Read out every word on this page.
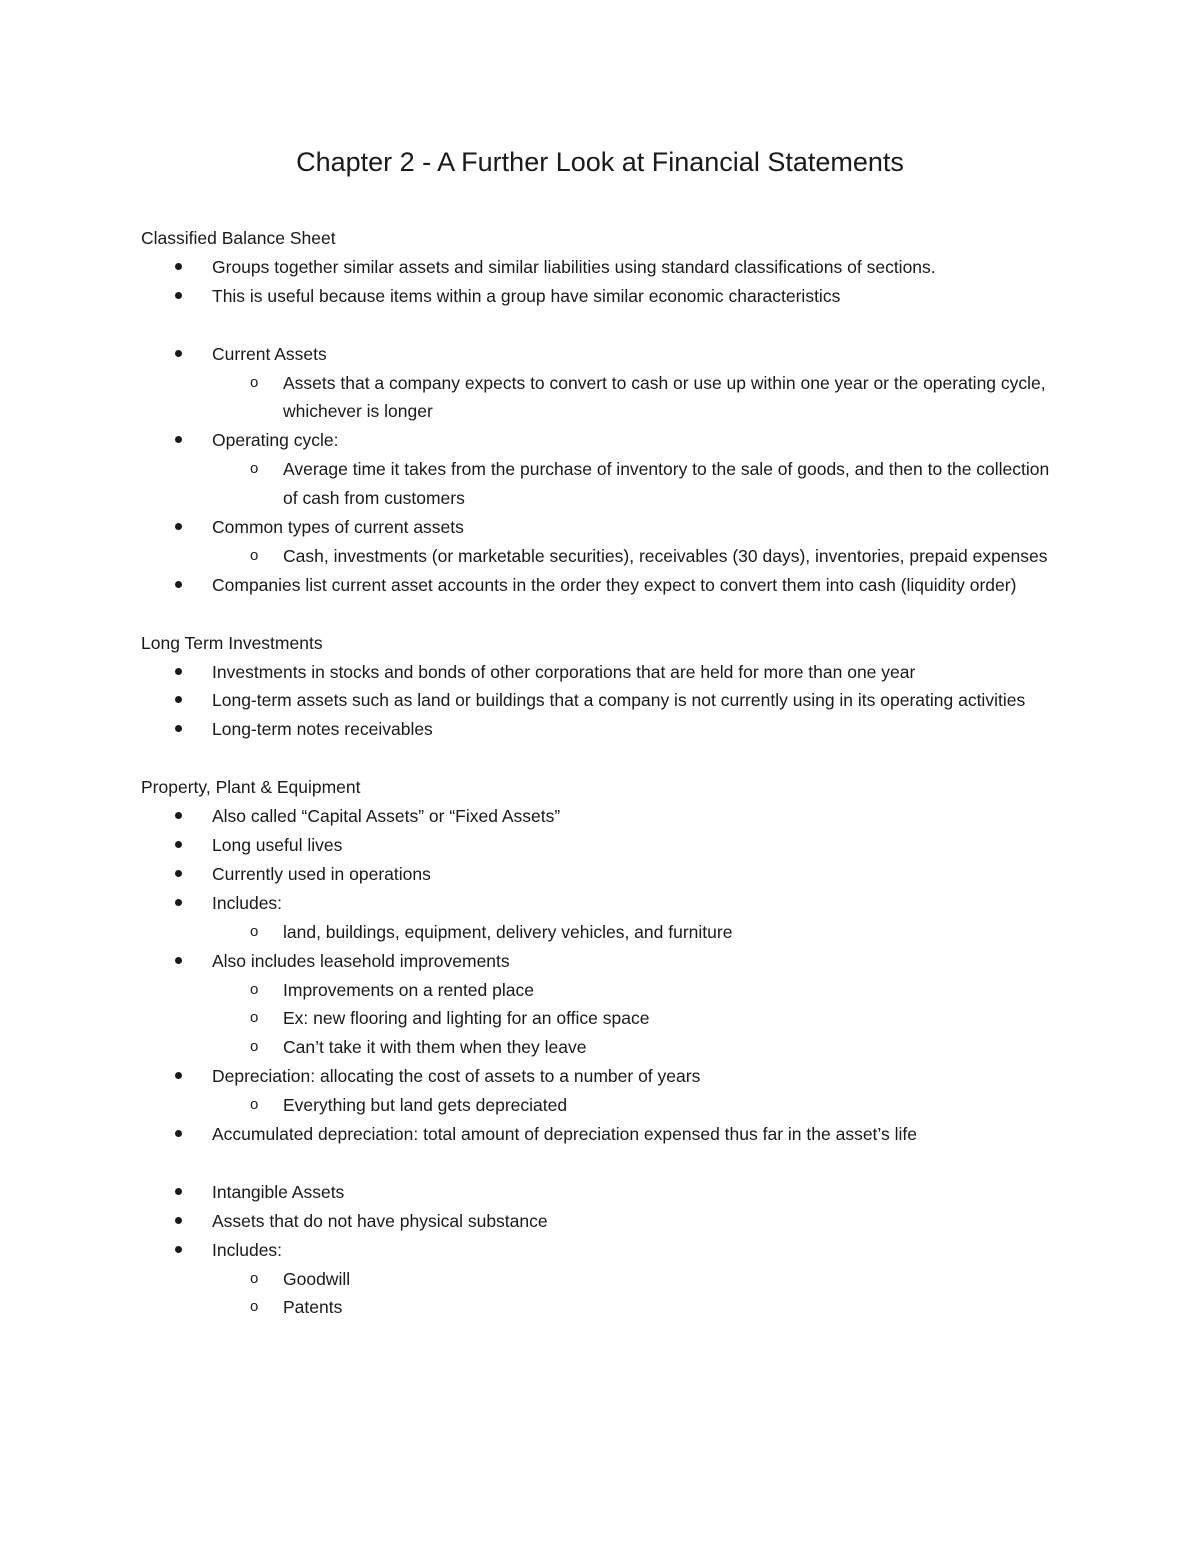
Chapter 2 - A Further Look at Financial Statements

Classified Balance Sheet

Groups together similar assets and similar liabilities using standard classifications of sections.
This is useful because items within a group have similar economic characteristics
Current Assets
o Assets that a company expects to convert to cash or use up within one year or the operating cycle, whichever is longer
Operating cycle:
o Average time it takes from the purchase of inventory to the sale of goods, and then to the collection of cash from customers
Common types of current assets
o Cash, investments (or marketable securities), receivables (30 days), inventories, prepaid expenses
Companies list current asset accounts in the order they expect to convert them into cash (liquidity order)

Long Term Investments

Investments in stocks and bonds of other corporations that are held for more than one year
Long-term assets such as land or buildings that a company is not currently using in its operating activities
Long-term notes receivables

Property, Plant & Equipment

Also called “Capital Assets” or “Fixed Assets”
Long useful lives
Currently used in operations
Includes:
o land, buildings, equipment, delivery vehicles, and furniture
Also includes leasehold improvements
o Improvements on a rented place
o Ex: new flooring and lighting for an office space
o Can’t take it with them when they leave
Depreciation: allocating the cost of assets to a number of years
o Everything but land gets depreciated
Accumulated depreciation: total amount of depreciation expensed thus far in the asset’s life
Intangible Assets
Assets that do not have physical substance
Includes:
o Goodwill
o Patents
